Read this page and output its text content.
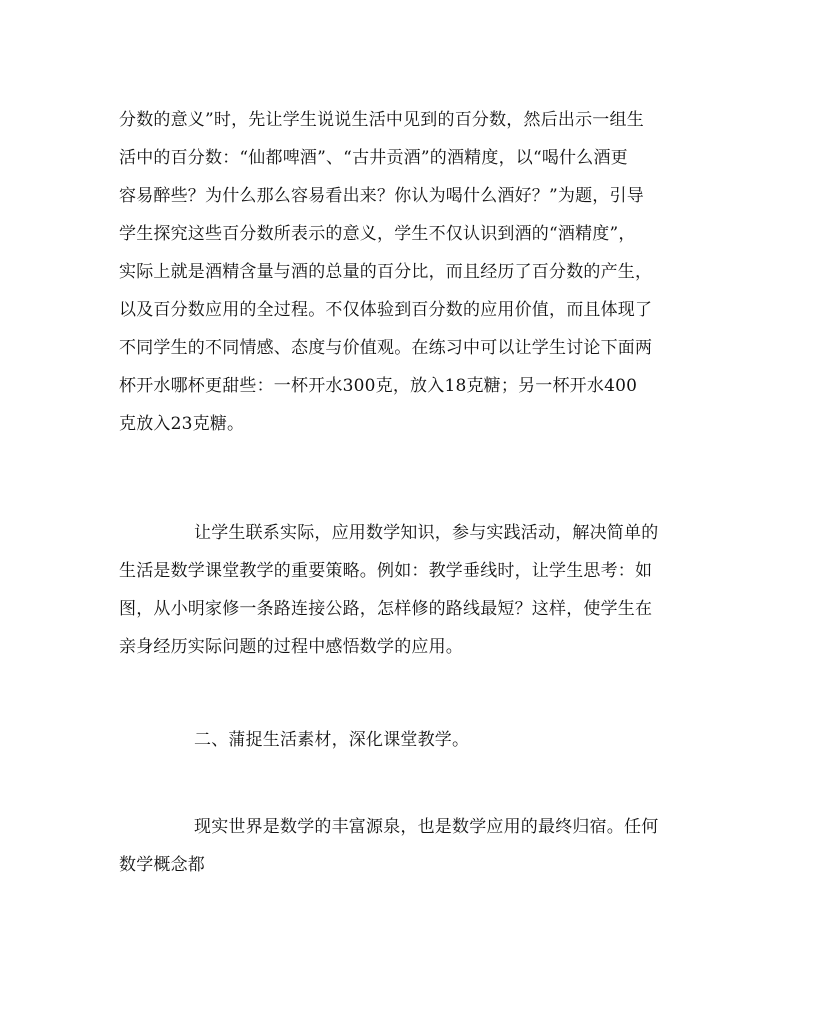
分数的意义”时，先让学生说说生活中见到的百分数，然后出示一组生

活中的百分数：“仙都啤酒”、“古井贡酒”的酒精度，以“喝什么酒更

容易醉些？为什么那么容易看出来？你认为喝什么酒好？”为题，引导

学生探究这些百分数所表示的意义，学生不仅认识到酒的“酒精度”，

实际上就是酒精含量与酒的总量的百分比，而且经历了百分数的产生，

以及百分数应用的全过程。不仅体验到百分数的应用价值，而且体现了

不同学生的不同情感、态度与价值观。在练习中可以让学生讨论下面两

杯开水哪杯更甜些：一杯开水300克，放入18克糖；另一杯开水400

克放入23克糖。

让学生联系实际，应用数学知识，参与实践活动，解决简单的

生活是数学课堂教学的重要策略。例如：教学垂线时，让学生思考：如

图，从小明家修一条路连接公路，怎样修的路线最短？这样，使学生在

亲身经历实际问题的过程中感悟数学的应用。

二、蒲捉生活素材，深化课堂教学。

现实世界是数学的丰富源泉，也是数学应用的最终归宿。任何

数学概念都
